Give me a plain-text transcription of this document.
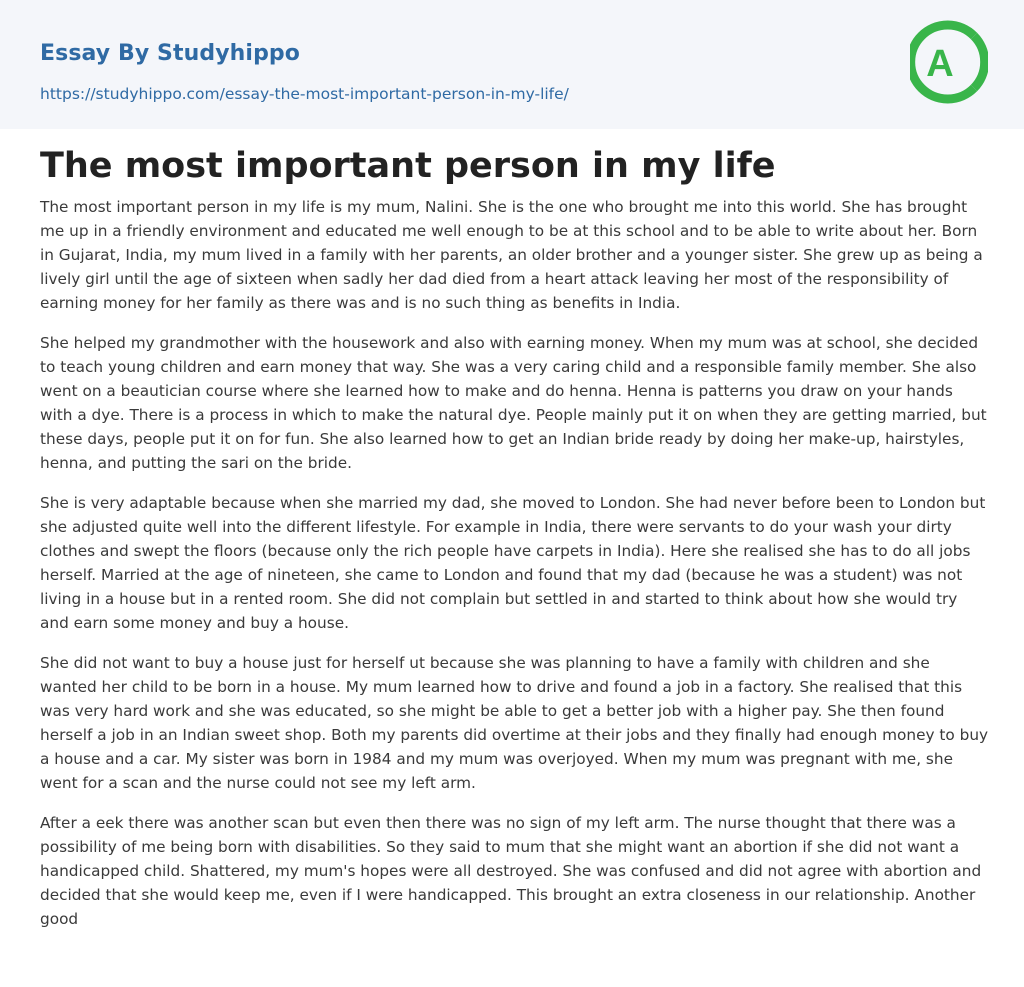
Essay By Studyhippo
https://studyhippo.com/essay-the-most-important-person-in-my-life/
A
The most important person in my life

The most important person in my life is my mum, Nalini. She is the one who brought me into this world. She has brought me up in a friendly environment and educated me well enough to be at this school and to be able to write about her. Born in Gujarat, India, my mum lived in a family with her parents, an older brother and a younger sister. She grew up as being a lively girl until the age of sixteen when sadly her dad died from a heart attack leaving her most of the responsibility of earning money for her family as there was and is no such thing as benefits in India.

She helped my grandmother with the housework and also with earning money. When my mum was at school, she decided to teach young children and earn money that way. She was a very caring child and a responsible family member. She also went on a beautician course where she learned how to make and do henna. Henna is patterns you draw on your hands with a dye. There is a process in which to make the natural dye. People mainly put it on when they are getting married, but these days, people put it on for fun. She also learned how to get an Indian bride ready by doing her make-up, hairstyles, henna, and putting the sari on the bride.

She is very adaptable because when she married my dad, she moved to London. She had never before been to London but she adjusted quite well into the different lifestyle. For example in India, there were servants to do your wash your dirty clothes and swept the floors (because only the rich people have carpets in India). Here she realised she has to do all jobs herself. Married at the age of nineteen, she came to London and found that my dad (because he was a student) was not living in a house but in a rented room. She did not complain but settled in and started to think about how she would try and earn some money and buy a house.

She did not want to buy a house just for herself ut because she was planning to have a family with children and she wanted her child to be born in a house. My mum learned how to drive and found a job in a factory. She realised that this was very hard work and she was educated, so she might be able to get a better job with a higher pay. She then found herself a job in an Indian sweet shop. Both my parents did overtime at their jobs and they finally had enough money to buy a house and a car. My sister was born in 1984 and my mum was overjoyed. When my mum was pregnant with me, she went for a scan and the nurse could not see my left arm.

After a eek there was another scan but even then there was no sign of my left arm. The nurse thought that there was a possibility of me being born with disabilities. So they said to mum that she might want an abortion if she did not want a handicapped child. Shattered, my mum's hopes were all destroyed. She was confused and did not agree with abortion and decided that she would keep me, even if I were handicapped. This brought an extra closeness in our relationship. Another good
